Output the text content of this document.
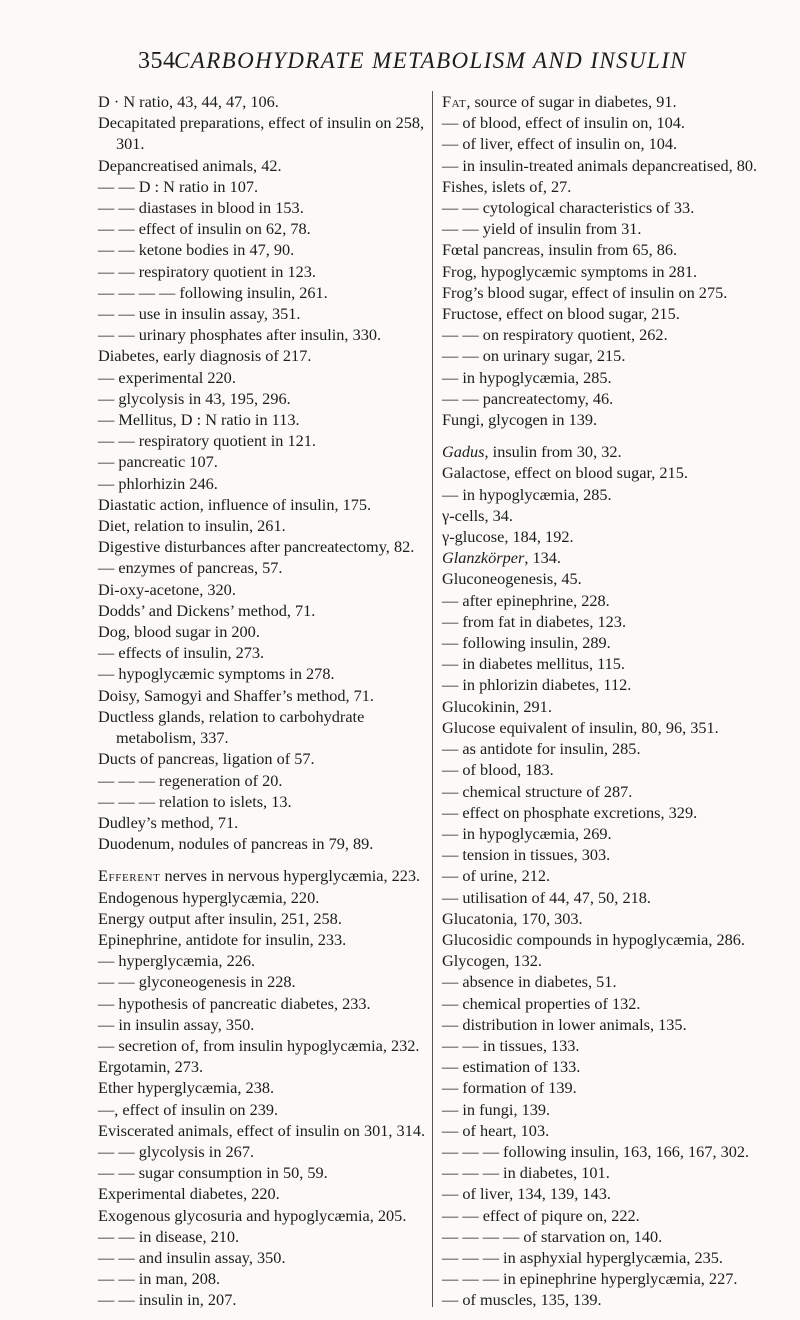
354
CARBOHYDRATE METABOLISM AND INSULIN
D · N ratio, 43, 44, 47, 106.
Decapitated preparations, effect of insulin on 258, 301.
Depancreatised animals, 42.
— — D : N ratio in 107.
— — diastases in blood in 153.
— — effect of insulin on 62, 78.
— — ketone bodies in 47, 90.
— — respiratory quotient in 123.
— — — — following insulin, 261.
— — use in insulin assay, 351.
— — urinary phosphates after insulin, 330.
Diabetes, early diagnosis of 217.
— experimental 220.
— glycolysis in 43, 195, 296.
— Mellitus, D : N ratio in 113.
— — respiratory quotient in 121.
— pancreatic 107.
— phlorhizin 246.
Diastatic action, influence of insulin, 175.
Diet, relation to insulin, 261.
Digestive disturbances after pancreatectomy, 82.
— enzymes of pancreas, 57.
Di-oxy-acetone, 320.
Dodds’ and Dickens’ method, 71.
Dog, blood sugar in 200.
— effects of insulin, 273.
— hypoglycæmic symptoms in 278.
Doisy, Samogyi and Shaffer’s method, 71.
Ductless glands, relation to carbohydrate metabolism, 337.
Ducts of pancreas, ligation of 57.
— — — regeneration of 20.
— — — relation to islets, 13.
Dudley’s method, 71.
Duodenum, nodules of pancreas in 79, 89.
Efferent nerves in nervous hyperglycæmia, 223.
Endogenous hyperglycæmia, 220.
Energy output after insulin, 251, 258.
Epinephrine, antidote for insulin, 233.
— hyperglycæmia, 226.
— — glyconeogenesis in 228.
— hypothesis of pancreatic diabetes, 233.
— in insulin assay, 350.
— secretion of, from insulin hypoglycæmia, 232.
Ergotamin, 273.
Ether hyperglycæmia, 238.
—, effect of insulin on 239.
Eviscerated animals, effect of insulin on 301, 314.
— — glycolysis in 267.
— — sugar consumption in 50, 59.
Experimental diabetes, 220.
Exogenous glycosuria and hypoglycæmia, 205.
— — in disease, 210.
— — and insulin assay, 350.
— — in man, 208.
— — insulin in, 207.
Fat, source of sugar in diabetes, 91.
— of blood, effect of insulin on, 104.
— of liver, effect of insulin on, 104.
— in insulin-treated animals depancreatised, 80.
Fishes, islets of, 27.
— — cytological characteristics of 33.
— — yield of insulin from 31.
Fœtal pancreas, insulin from 65, 86.
Frog, hypoglycæmic symptoms in 281.
Frog’s blood sugar, effect of insulin on 275.
Fructose, effect on blood sugar, 215.
— — on respiratory quotient, 262.
— — on urinary sugar, 215.
— in hypoglycæmia, 285.
— — pancreatectomy, 46.
Fungi, glycogen in 139.
Gadus, insulin from 30, 32.
Galactose, effect on blood sugar, 215.
— in hypoglycæmia, 285.
γ-cells, 34.
γ-glucose, 184, 192.
Glanzkörper, 134.
Gluconeogenesis, 45.
— after epinephrine, 228.
— from fat in diabetes, 123.
— following insulin, 289.
— in diabetes mellitus, 115.
— in phlorizin diabetes, 112.
Glucokinin, 291.
Glucose equivalent of insulin, 80, 96, 351.
— as antidote for insulin, 285.
— of blood, 183.
— chemical structure of 287.
— effect on phosphate excretions, 329.
— in hypoglycæmia, 269.
— tension in tissues, 303.
— of urine, 212.
— utilisation of 44, 47, 50, 218.
Glucatonia, 170, 303.
Glucosidic compounds in hypoglycæmia, 286.
Glycogen, 132.
— absence in diabetes, 51.
— chemical properties of 132.
— distribution in lower animals, 135.
— — in tissues, 133.
— estimation of 133.
— formation of 139.
— in fungi, 139.
— of heart, 103.
— — — following insulin, 163, 166, 167, 302.
— — — in diabetes, 101.
— of liver, 134, 139, 143.
— — effect of piqure on, 222.
— — — — of starvation on, 140.
— — — in asphyxial hyperglycæmia, 235.
— — — in epinephrine hyperglycæmia, 227.
— of muscles, 135, 139.
